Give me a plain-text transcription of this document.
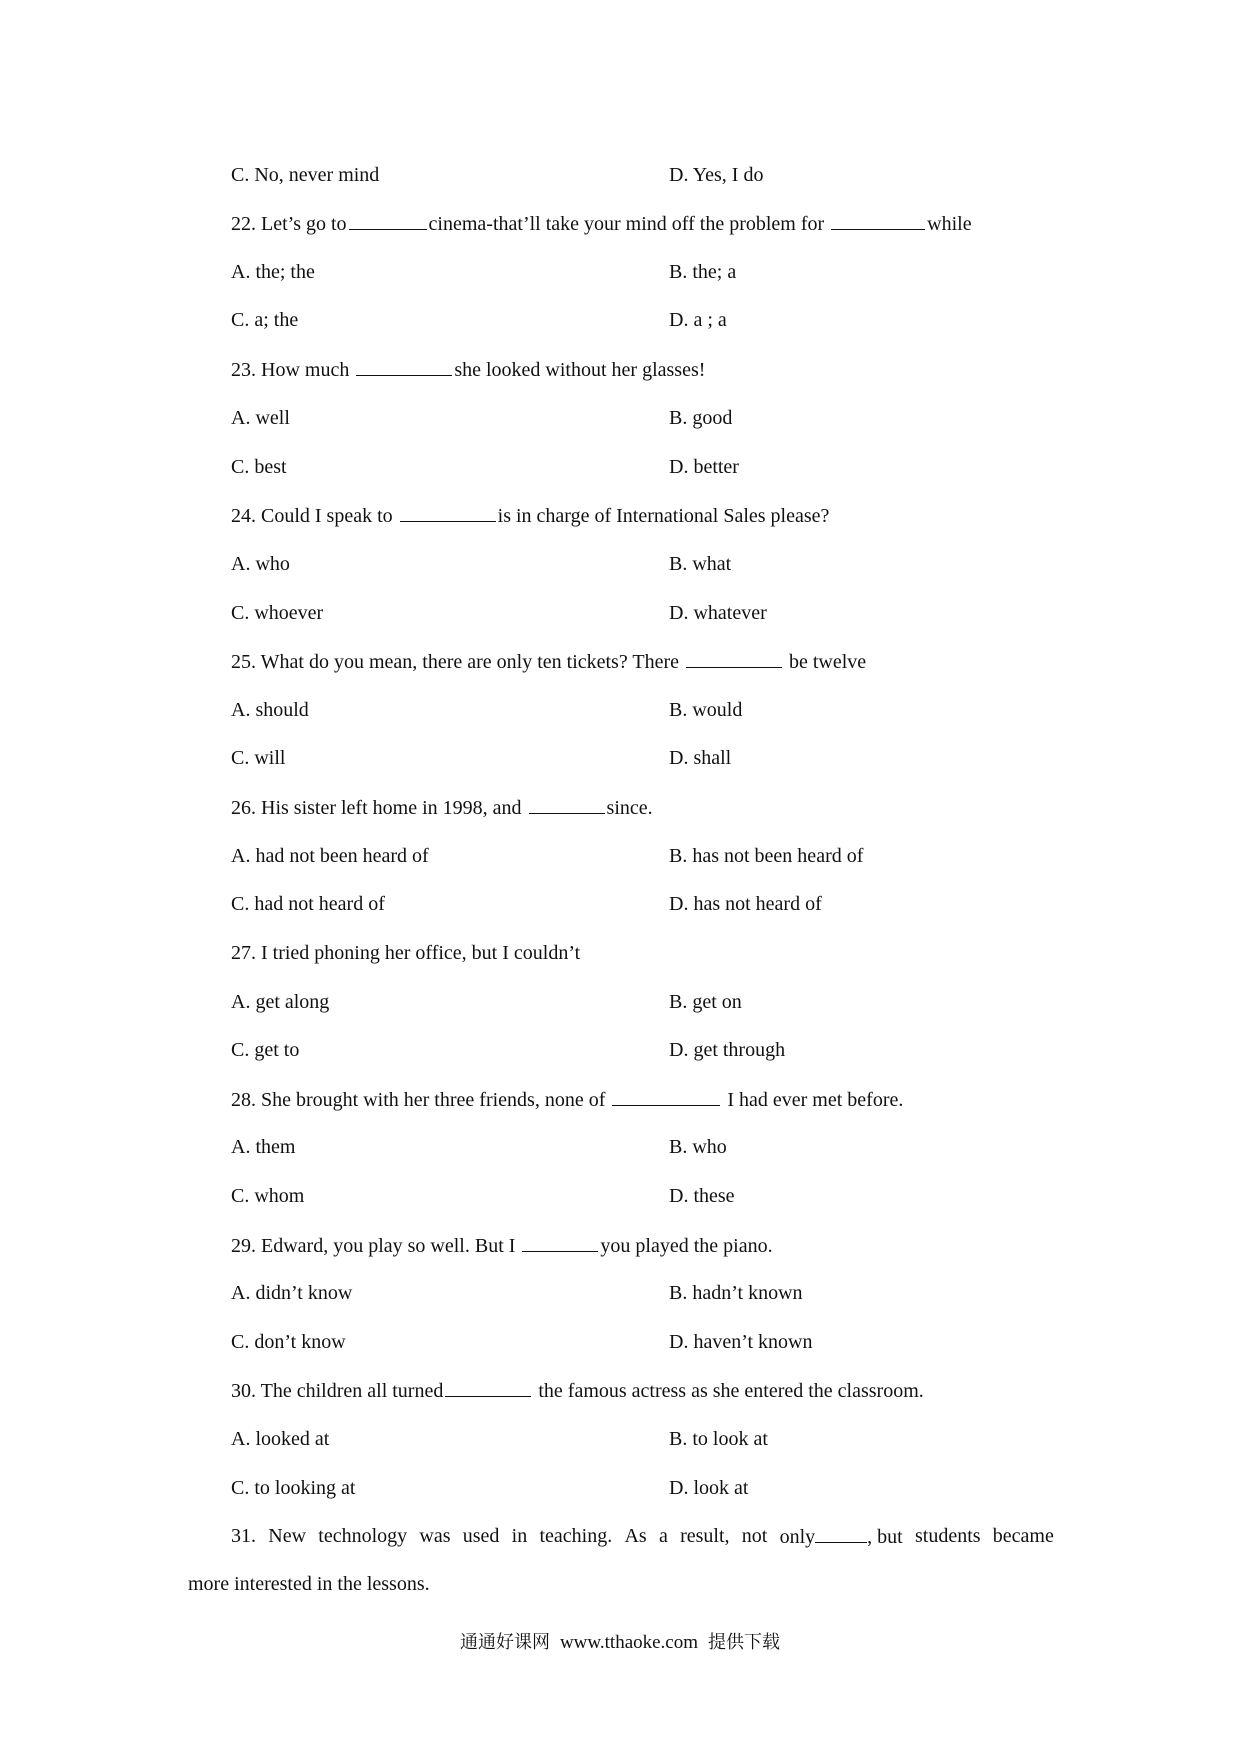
C. No, never mind	D. Yes, I do
22. Let’s go to	cinema-that’ll take your mind off the problem for	while
A. the; the	B. the; a
C. a; the	D. a ; a
23. How much	she looked without her glasses!
A. well	B. good
C. best	D. better
24. Could I speak to	is in charge of International Sales please?
A. who	B. what
C. whoever	D. whatever
25. What do you mean, there are only ten tickets? There	be twelve
A. should	B. would
C. will	D. shall
26. His sister left home in 1998, and	since.
A. had not been heard of	B. has not been heard of
C. had not heard of	D. has not heard of
27. I tried phoning her office, but I couldn’t
A. get along	B. get on
C. get to	D. get through
28. She brought with her three friends, none of	I had ever met before.
A. them	B. who
C. whom	D. these
29. Edward, you play so well. But I	you played the piano.
A. didn’t know	B. hadn’t known
C. don’t know	D. haven’t known
30. The children all turned	the famous actress as she entered the classroom.
A. looked at	B. to look at
C. to looking at	D. look at
31. New technology was used in teaching. As a result, not only	, but students became
more interested in the lessons.
通通好课网 www.tthaoke.com 提供下载
